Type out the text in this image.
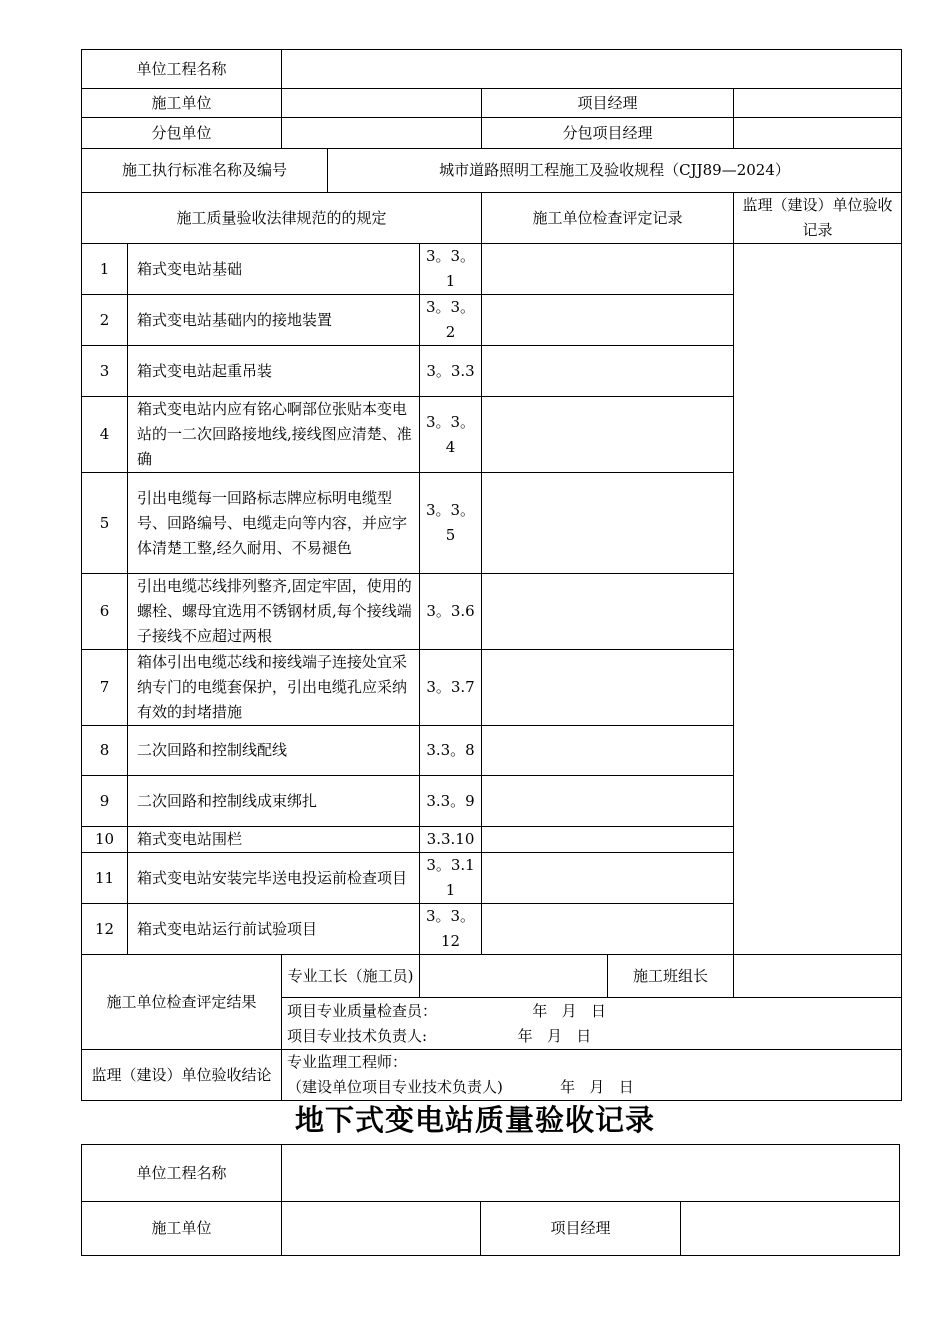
单位工程名称							
施工单位					项目经理		
分包单位					分包项目经理		
施工执行标准名称及编号			城市道路照明工程施工及验收规程（CJJ89—2024）				
施工质量验收法律规范的的规定					施工单位检查评定记录		监理（建设）单位验收记录
1	箱式变电站基础			3。3。1			
2	箱式变电站基础内的接地装置			3。3。2			
3	箱式变电站起重吊装			3。3.3			
4	箱式变电站内应有铭心啊部位张贴本变电站的一二次回路接地线,接线图应清楚、准确			3。3。4			
5	引出电缆每一回路标志牌应标明电缆型号、回路编号、电缆走向等内容，并应字体清楚工整,经久耐用、不易褪色			3。3。5			
6	引出电缆芯线排列整齐,固定牢固，使用的螺栓、螺母宜选用不锈钢材质,每个接线端子接线不应超过两根			3。3.6			
7	箱体引出电缆芯线和接线端子连接处宜采纳专门的电缆套保护，引出电缆孔应采纳有效的封堵措施			3。3.7			
8	二次回路和控制线配线			3.3。8			
9	二次回路和控制线成束绑扎			3.3。9			
10	箱式变电站围栏			3.3.10			
11	箱式变电站安装完毕送电投运前检查项目			3。3.11			
12	箱式变电站运行前试验项目			3。3。12			
施工单位检查评定结果		专业工长（施工员)				施工班组长	

		项目专业质量检查员：                    年   月   日
项目专业技术负责人:                   年   月   日					

监理（建设）单位验收结论		专业监理工程师：
（建设单位项目专业技术负责人)            年   月   日					
地下式变电站质量验收记录
单位工程名称			
施工单位		项目经理	
